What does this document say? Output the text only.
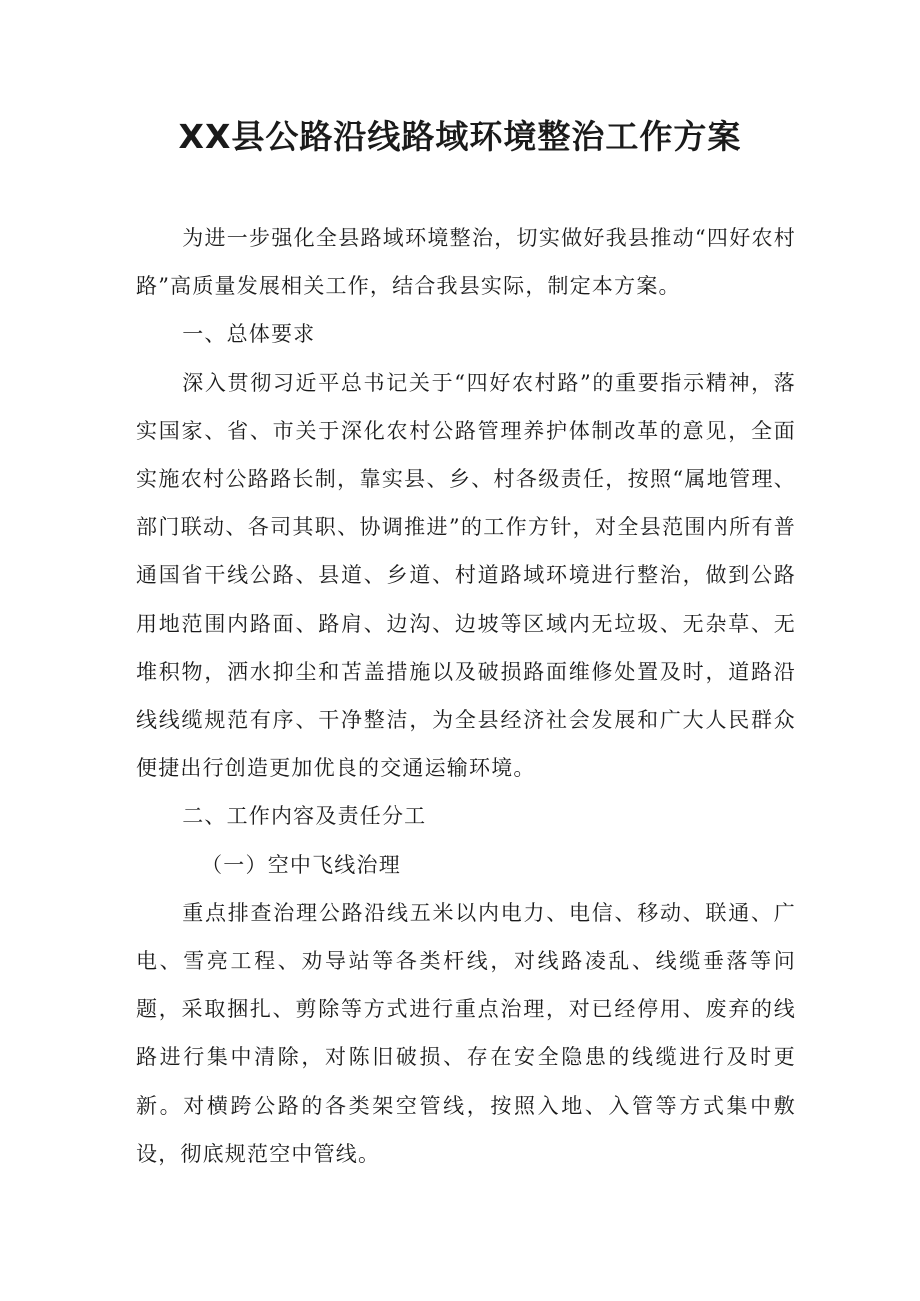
XX县公路沿线路域环境整治工作方案

为进一步强化全县路域环境整治，切实做好我县推动“四好农村路”高质量发展相关工作，结合我县实际，制定本方案。

一、总体要求

深入贯彻习近平总书记关于“四好农村路”的重要指示精神，落实国家、省、市关于深化农村公路管理养护体制改革的意见，全面实施农村公路路长制，靠实县、乡、村各级责任，按照“属地管理、部门联动、各司其职、协调推进”的工作方针，对全县范围内所有普通国省干线公路、县道、乡道、村道路域环境进行整治，做到公路用地范围内路面、路肩、边沟、边坡等区域内无垃圾、无杂草、无堆积物，洒水抑尘和苫盖措施以及破损路面维修处置及时，道路沿线线缆规范有序、干净整洁，为全县经济社会发展和广大人民群众便捷出行创造更加优良的交通运输环境。

二、工作内容及责任分工

（一）空中飞线治理

重点排查治理公路沿线五米以内电力、电信、移动、联通、广电、雪亮工程、劝导站等各类杆线，对线路凌乱、线缆垂落等问题，采取捆扎、剪除等方式进行重点治理，对已经停用、废弃的线路进行集中清除，对陈旧破损、存在安全隐患的线缆进行及时更新。对横跨公路的各类架空管线，按照入地、入管等方式集中敷设，彻底规范空中管线。
